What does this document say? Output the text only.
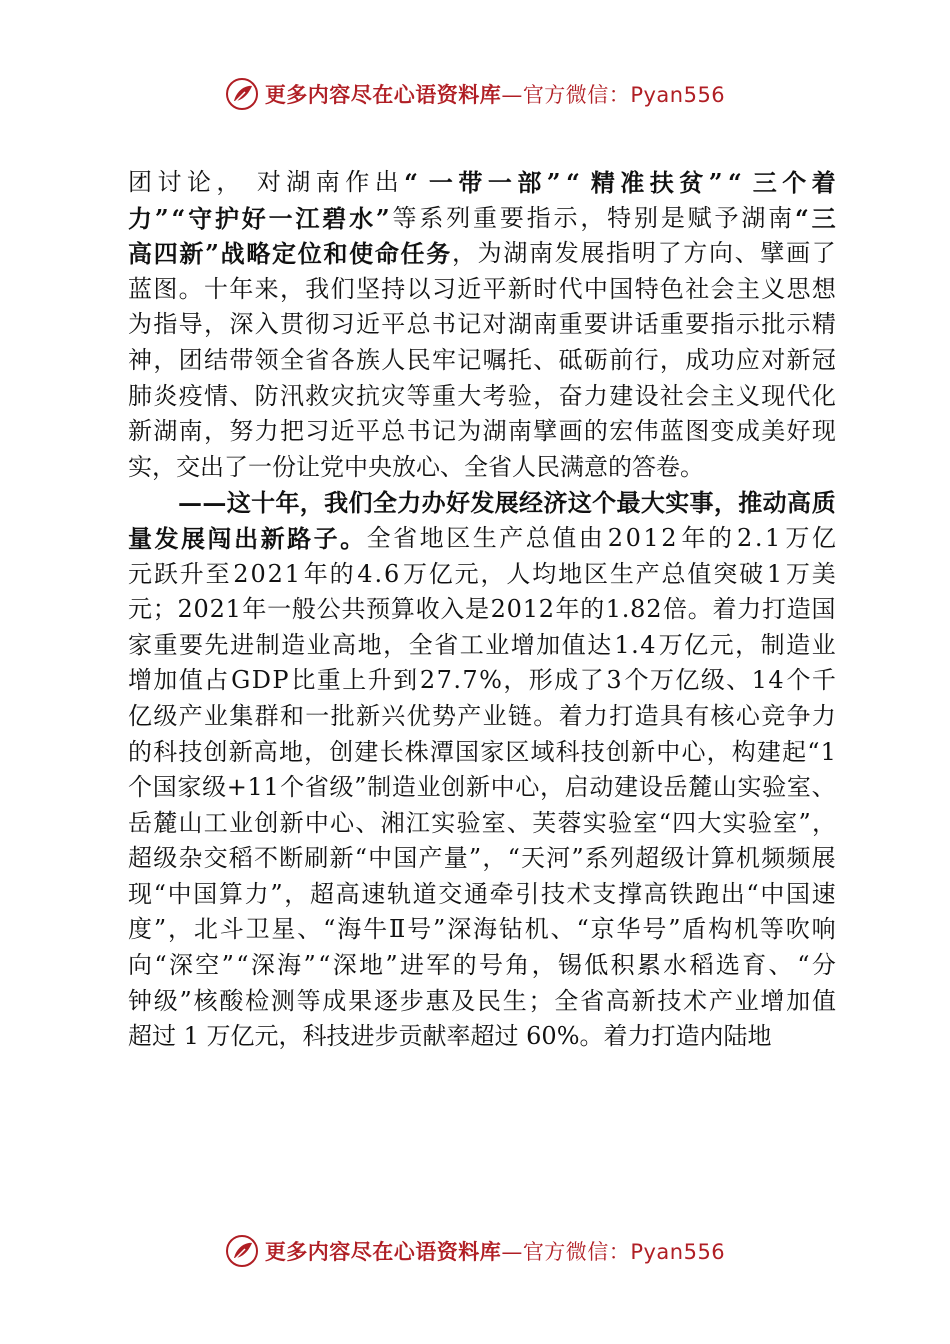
更多内容尽在心语资料库—官方微信：Pyan556
团 讨 论 ， 对 湖 南 作 出 “ 一 带 一 部 ” “ 精 准 扶 贫 ” “ 三 个 着
力 ” “ 守 护 好 一 江 碧 水 ” 等 系 列 重 要 指 示 ， 特 别 是 赋 予 湖 南 “ 三
高 四 新 ” 战 略 定 位 和 使 命 任 务 ， 为 湖 南 发 展 指 明 了 方 向 、 擘 画 了
蓝 图 。 十 年 来 ， 我 们 坚 持 以 习 近 平 新 时 代 中 国 特 色 社 会 主 义 思 想
为 指 导 ， 深 入 贯 彻 习 近 平 总 书 记 对 湖 南 重 要 讲 话 重 要 指 示 批 示 精
神 ， 团 结 带 领 全 省 各 族 人 民 牢 记 嘱 托 、 砥 砺 前 行 ， 成 功 应 对 新 冠
肺 炎 疫 情 、 防 汛 救 灾 抗 灾 等 重 大 考 验 ， 奋 力 建 设 社 会 主 义 现 代 化
新 湖 南 ， 努 力 把 习 近 平 总 书 记 为 湖 南 擘 画 的 宏 伟 蓝 图 变 成 美 好 现
实，交出了一份让党中央放心、全省人民满意的答卷。
— — 这 十 年 ， 我 们 全 力 办 好 发 展 经 济 这 个 最 大 实 事 ， 推 动 高 质
量 发 展 闯 出 新 路 子 。 全 省 地 区 生 产 总 值 由 2 0 1 2 年 的 2 . 1 万 亿
元 跃 升 至 2 0 2 1 年 的 4 . 6 万 亿 元 ， 人 均 地 区 生 产 总 值 突 破 1 万 美
元 ； 2 0 2 1 年 一 般 公 共 预 算 收 入 是 2 0 1 2 年 的 1 . 8 2 倍 。 着 力 打 造 国
家 重 要 先 进 制 造 业 高 地 ， 全 省 工 业 增 加 值 达 1 . 4 万 亿 元 ， 制 造 业
增 加 值 占 G D P 比 重 上 升 到 2 7 . 7 % ， 形 成 了 3 个 万 亿 级 、 1 4 个 千
亿 级 产 业 集 群 和 一 批 新 兴 优 势 产 业 链 。 着 力 打 造 具 有 核 心 竞 争 力
的 科 技 创 新 高 地 ， 创 建 长 株 潭 国 家 区 域 科 技 创 新 中 心 ， 构 建 起 “ 1
个 国 家 级 + 1 1 个 省 级 ” 制 造 业 创 新 中 心 ， 启 动 建 设 岳 麓 山 实 验 室 、
岳 麓 山 工 业 创 新 中 心 、 湘 江 实 验 室 、 芙 蓉 实 验 室 “ 四 大 实 验 室 ” ，
超 级 杂 交 稻 不 断 刷 新 “ 中 国 产 量 ” ， “ 天 河 ” 系 列 超 级 计 算 机 频 频 展
现 “ 中 国 算 力 ” ， 超 高 速 轨 道 交 通 牵 引 技 术 支 撑 高 铁 跑 出 “ 中 国 速
度 ” ， 北 斗 卫 星 、 “ 海 牛 Ⅱ 号 ” 深 海 钻 机 、 “ 京 华 号 ” 盾 构 机 等 吹 响
向 “ 深 空 ” “ 深 海 ” “ 深 地 ” 进 军 的 号 角 ， 锡 低 积 累 水 稻 选 育 、 “ 分
钟 级 ” 核 酸 检 测 等 成 果 逐 步 惠 及 民 生 ； 全 省 高 新 技 术 产 业 增 加 值
超过 1 万亿元，科技进步贡献率超过 60%。着力打造内陆地
更多内容尽在心语资料库—官方微信：Pyan556
